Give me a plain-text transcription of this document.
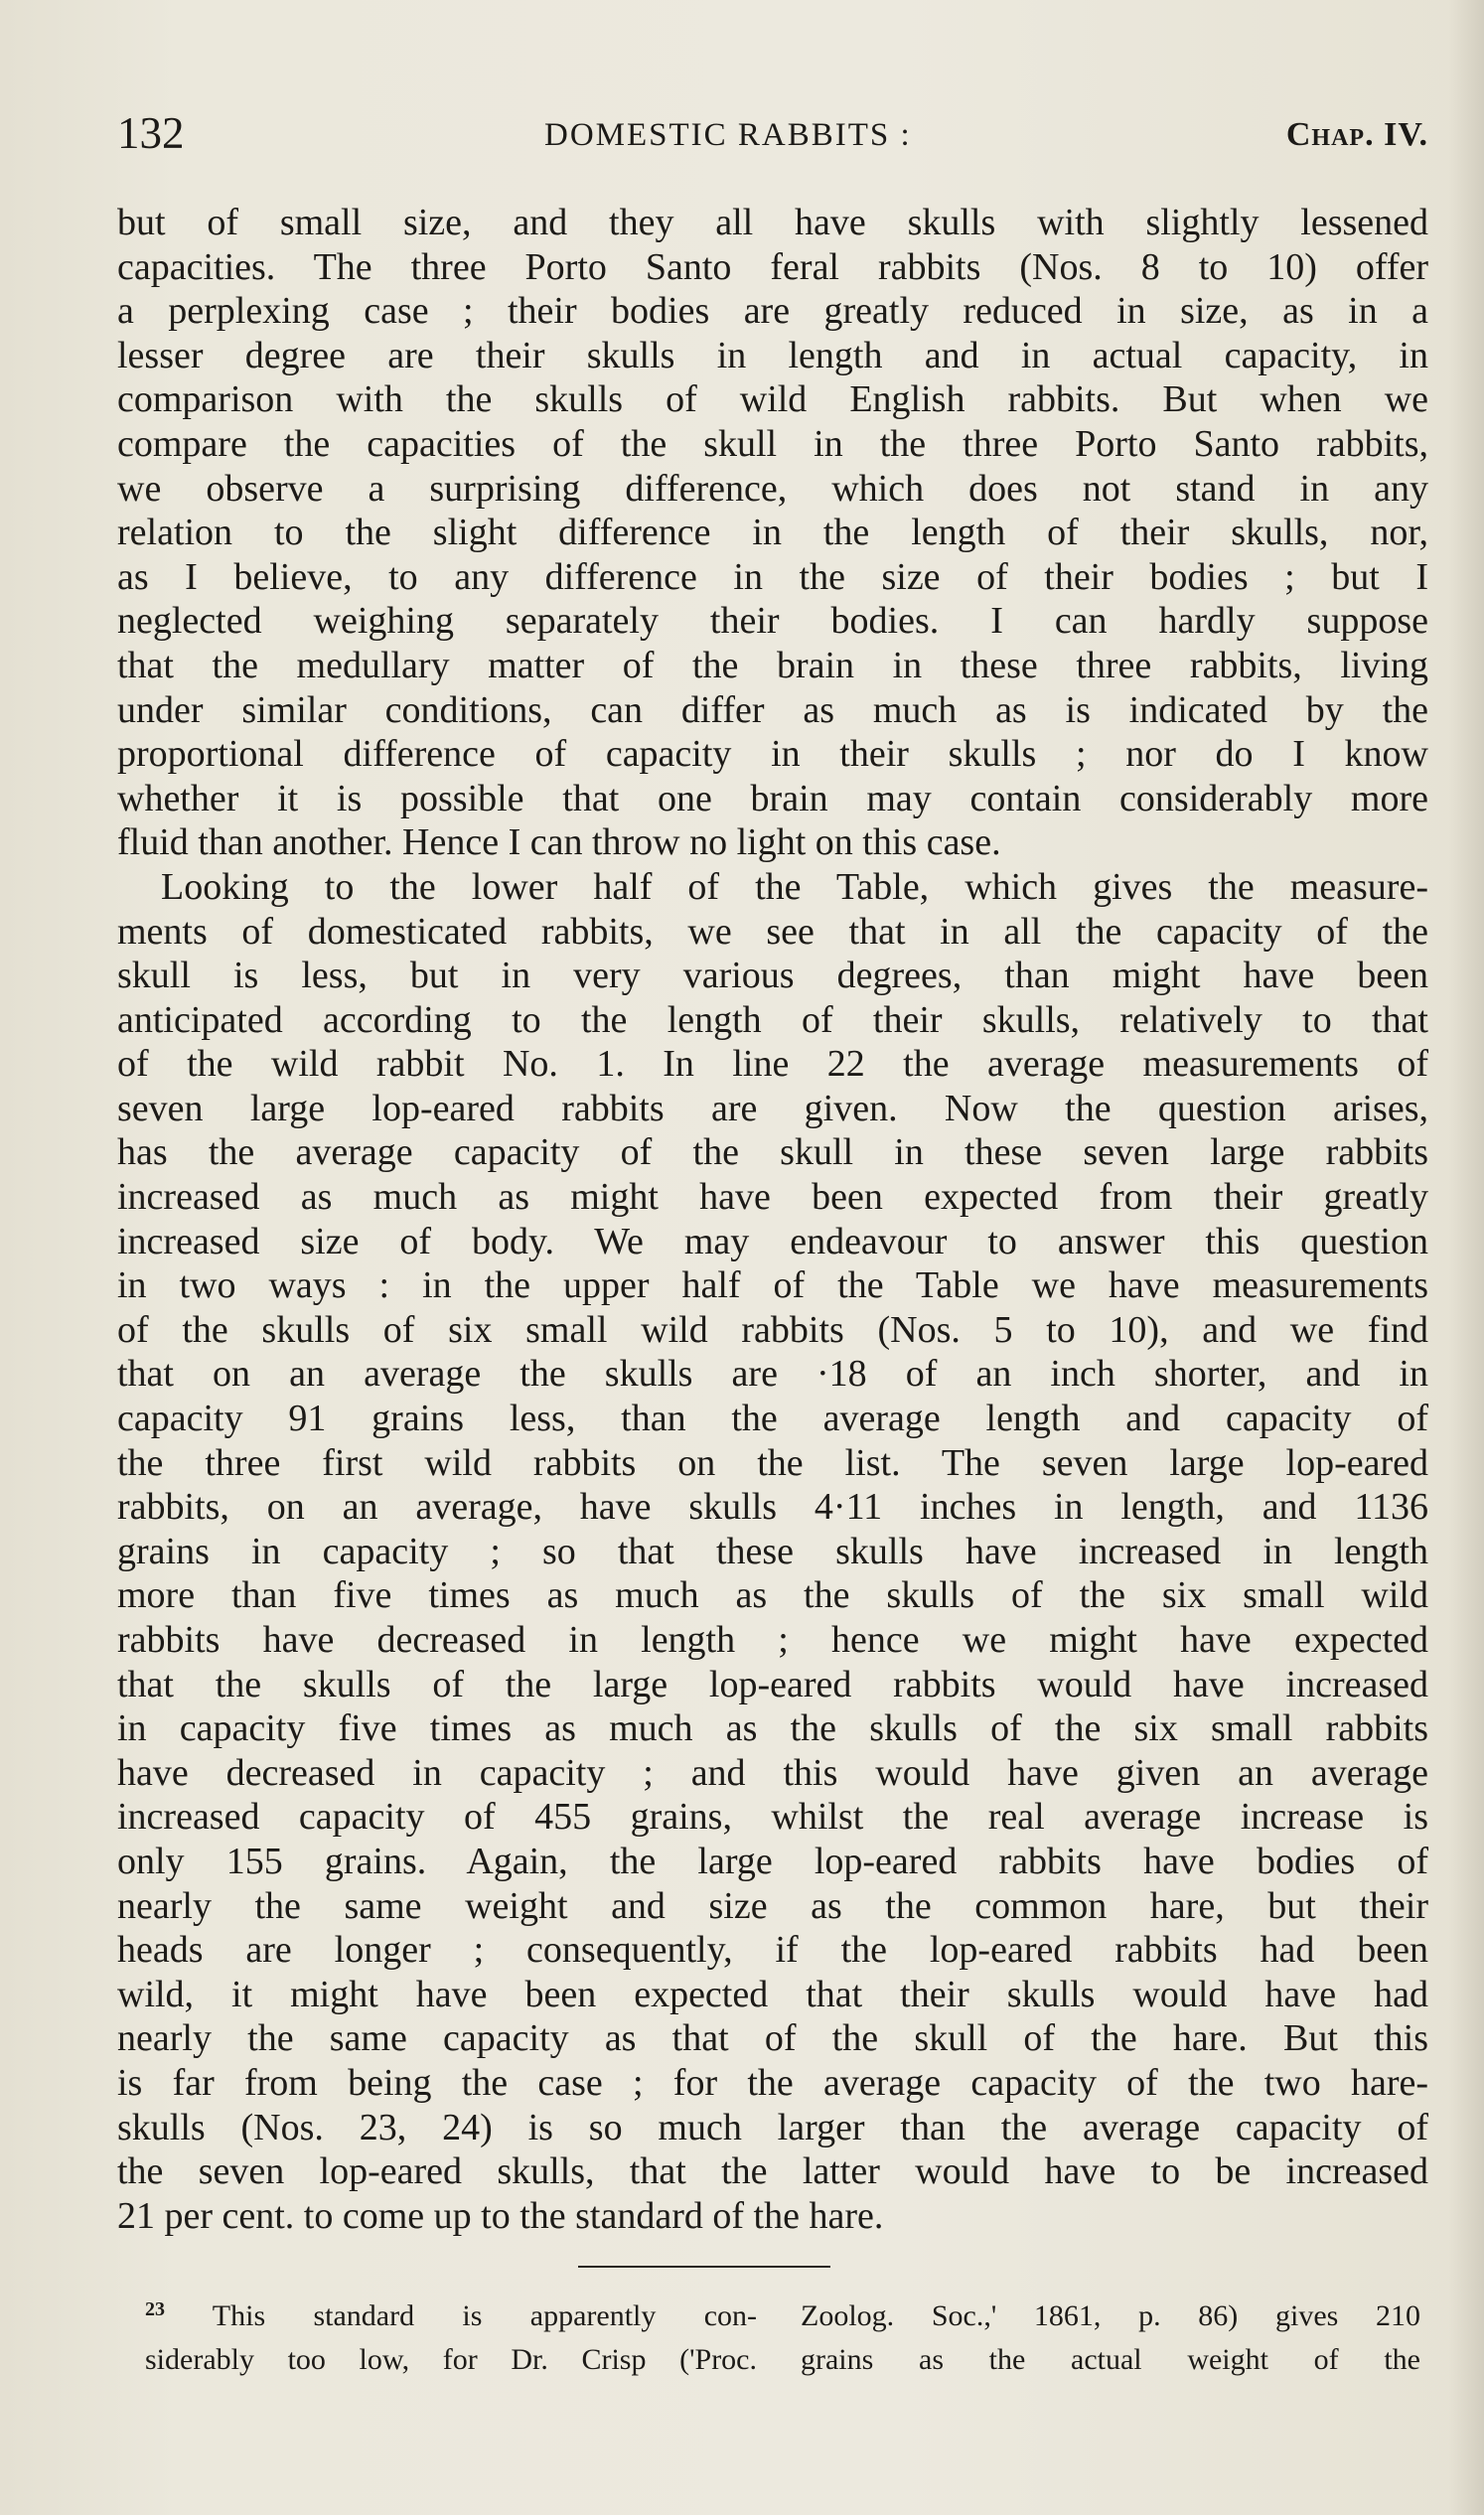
132	DOMESTIC RABBITS :	Chap. IV.
but of small size, and they all have skulls with slightly lessened
capacities. The three Porto Santo feral rabbits (Nos. 8 to 10) offer
a perplexing case ; their bodies are greatly reduced in size, as in a
lesser degree are their skulls in length and in actual capacity, in
comparison with the skulls of wild English rabbits. But when we
compare the capacities of the skull in the three Porto Santo rabbits,
we observe a surprising difference, which does not stand in any
relation to the slight difference in the length of their skulls, nor,
as I believe, to any difference in the size of their bodies ; but I
neglected weighing separately their bodies. I can hardly suppose
that the medullary matter of the brain in these three rabbits, living
under similar conditions, can differ as much as is indicated by the
proportional difference of capacity in their skulls ; nor do I know
whether it is possible that one brain may contain considerably more
fluid than another. Hence I can throw no light on this case.
Looking to the lower half of the Table, which gives the measure-
ments of domesticated rabbits, we see that in all the capacity of the
skull is less, but in very various degrees, than might have been
anticipated according to the length of their skulls, relatively to that
of the wild rabbit No. 1. In line 22 the average measurements of
seven large lop-eared rabbits are given. Now the question arises,
has the average capacity of the skull in these seven large rabbits
increased as much as might have been expected from their greatly
increased size of body. We may endeavour to answer this question
in two ways : in the upper half of the Table we have measurements
of the skulls of six small wild rabbits (Nos. 5 to 10), and we find
that on an average the skulls are ·18 of an inch shorter, and in
capacity 91 grains less, than the average length and capacity of
the three first wild rabbits on the list. The seven large lop-eared
rabbits, on an average, have skulls 4·11 inches in length, and 1136
grains in capacity ; so that these skulls have increased in length
more than five times as much as the skulls of the six small wild
rabbits have decreased in length ; hence we might have expected
that the skulls of the large lop-eared rabbits would have increased
in capacity five times as much as the skulls of the six small rabbits
have decreased in capacity ; and this would have given an average
increased capacity of 455 grains, whilst the real average increase is
only 155 grains. Again, the large lop-eared rabbits have bodies of
nearly the same weight and size as the common hare, but their
heads are longer ; consequently, if the lop-eared rabbits had been
wild, it might have been expected that their skulls would have had
nearly the same capacity as that of the skull of the hare. But this
is far from being the case ; for the average capacity of the two hare-
skulls (Nos. 23, 24) is so much larger than the average capacity of
the seven lop-eared skulls, that the latter would have to be increased
21 per cent. to come up to the standard of the hare.
$^{23}$ This standard is apparently con-
siderably too low, for Dr. Crisp ('Proc.
Zoolog. Soc.,' 1861, p. 86) gives 210
grains as the actual weight of the
